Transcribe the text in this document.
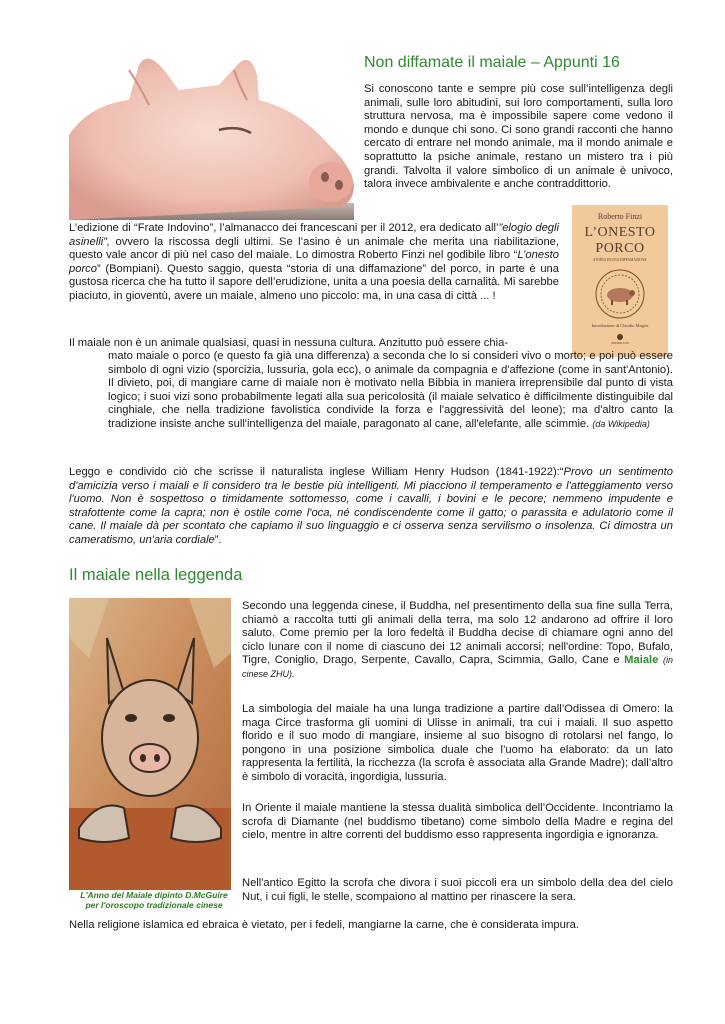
Non diffamate il maiale – Appunti 16
Si conoscono tante e sempre più cose sull’intelligenza degli animali, sulle loro abitudini, sui loro comportamenti, sulla loro struttura nervosa, ma è impossibile sapere come vedono il mondo e dunque chi sono. Ci sono grandi racconti che hanno cercato di entrare nel mondo animale, ma il mondo animale e soprattutto la psiche animale, restano un mistero tra i più grandi. Talvolta il valore simbolico di un animale è univoco, talora invece ambivalente e anche contraddittorio.
L’edizione di “Frate Indovino”, l’almanacco dei francescani per il 2012, era dedicato all’”elogio degli asinelli”, ovvero la riscossa degli ultimi. Se l’asino è un animale che merita una riabilitazione, questo vale ancor di più nel caso del maiale. Lo dimostra Roberto Finzi nel godibile libro “L’onesto porco” (Bompiani). Questo saggio, questa “storia di una diffamazione” del porco, in parte è una gustosa ricerca che ha tutto il sapore dell’erudizione, unita a una poesia della carnalità. Mi sarebbe piaciuto, in gioventù, avere un maiale, almeno uno piccolo: ma, in una casa di città ... !
Roberto Finzi
L’ONESTO
PORCO
STORIA DI UNA DIFFAMAZIONE
Introduzione di Claudio Magris
BOMPIANI
Il maiale non è un animale qualsiasi, quasi in nessuna cultura. Anzitutto può essere chia-
mato maiale o porco (e questo fa già una differenza) a seconda che lo si consideri vivo o morto; e poi può essere simbolo di ogni vizio (sporcizia, lussuria, gola ecc), o animale da compagnia e d'affezione (come in sant'Antonio). Il divieto, poi, di mangiare carne di maiale non è motivato nella Bibbia in maniera irreprensibile dal punto di vista logico; i suoi vizi sono probabilmente legati alla sua pericolosità (il maiale selvatico è difficilmente distinguibile dal cinghiale, che nella tradizione favolistica condivide la forza e l'aggressività del leone); ma d'altro canto la tradizione insiste anche sull'intelligenza del maiale, paragonato al cane, all'elefante, alle scimmie. (da Wikipedia)
Leggo e condivido ciò che scrisse il naturalista inglese William Henry Hudson (1841-1922):“Provo un sentimento d'amicizia verso i maiali e li considero tra le bestie più intelligenti. Mi piacciono il temperamento e l'atteggiamento verso l'uomo. Non è sospettoso o timidamente sottomesso, come i cavalli, i bovini e le pecore; nemmeno impudente e strafottente come la capra; non è ostile come l'oca, né condiscendente come il gatto; o parassita e adulatorio come il cane. Il maiale dà per scontato che capiamo il suo linguaggio e ci osserva senza servilismo o insolenza. Ci dimostra un cameratismo, un'aria cordiale”.
Il maiale nella leggenda
L'Anno del Maiale dipinto D.McGuire
per l'oroscopo tradizionale cinese
Secondo una leggenda cinese, il Buddha, nel presentimento della sua fine sulla Terra, chiamò a raccolta tutti gli animali della terra, ma solo 12 andarono ad offrire il loro saluto. Come premio per la loro fedeltà il Buddha decise di chiamare ogni anno del ciclo lunare con il nome di ciascuno dei 12 animali accorsi; nell'ordine: Topo, Bufalo, Tigre, Coniglio, Drago, Serpente, Cavallo, Capra, Scimmia, Gallo, Cane e Maiale (in cinese ZHU).
La simbologia del maiale ha una lunga tradizione a partire dall’Odissea di Omero: la maga Circe trasforma gli uomini di Ulisse in animali, tra cui i maiali. Il suo aspetto florido e il suo modo di mangiare, insieme al suo bisogno di rotolarsi nel fango, lo pongono in una posizione simbolica duale che l’uomo ha elaborato: da un lato rappresenta la fertilità, la ricchezza (la scrofa è associata alla Grande Madre); dall’altro è simbolo di voracità, ingordigia, lussuria.
In Oriente il maiale mantiene la stessa dualità simbolica dell’Occidente. Incontriamo la scrofa di Diamante (nel buddismo tibetano) come simbolo della Madre e regina del cielo, mentre in altre correnti del buddismo esso rappresenta ingordigia e ignoranza.
Nell'antico Egitto la scrofa che divora i suoi piccoli era un simbolo della dea del cielo Nut, i cui figli, le stelle, scompaiono al mattino per rinascere la sera.
Nella religione islamica ed ebraica è vietato, per i fedeli, mangiarne la carne, che è considerata impura.
